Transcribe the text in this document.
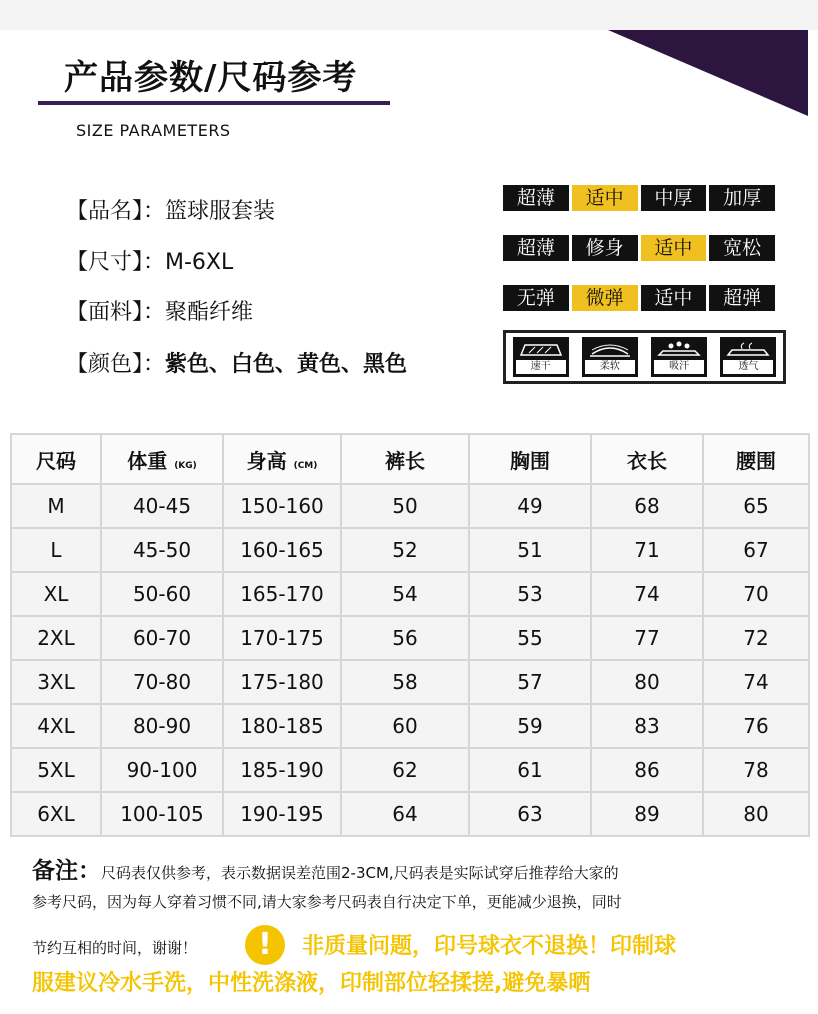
产品参数/尺码参考
SIZE PARAMETERS
【品名】：篮球服套装
【尺寸】：M-6XL
【面料】：聚酯纤维
【颜色】：紫色、白色、黄色、黑色
超薄	适中	中厚	加厚
超薄	修身	适中	宽松
无弹	微弹	适中	超弹
速干	柔软	吸汗	透气
尺码	体重 (KG)	身高 (CM)	裤长	胸围	衣长	腰围
M	40-45	150-160	50	49	68	65
L	45-50	160-165	52	51	71	67
XL	50-60	165-170	54	53	74	70
2XL	60-70	170-175	56	55	77	72
3XL	70-80	175-180	58	57	80	74
4XL	80-90	180-185	60	59	83	76
5XL	90-100	185-190	62	61	86	78
6XL	100-105	190-195	64	63	89	80
备注：尺码表仅供参考，表示数据误差范围2-3CM,尺码表是实际试穿后推荐给大家的
参考尺码，因为每人穿着习惯不同,请大家参考尺码表自行决定下单，更能减少退换，同时
节约互相的时间，谢谢！	!	非质量问题，印号球衣不退换！印制球
服建议冷水手洗，中性洗涤液，印制部位轻揉搓,避免暴晒
